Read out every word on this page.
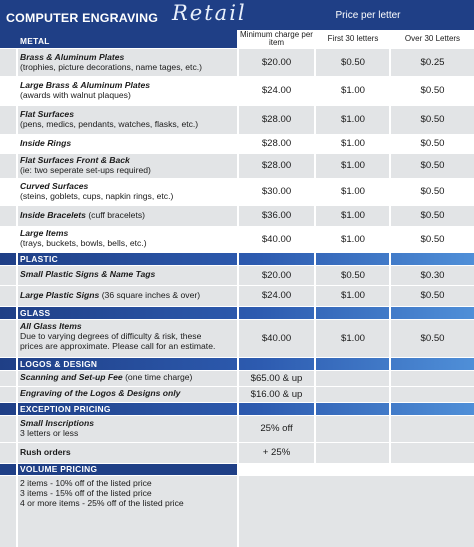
COMPUTER ENGRAVING Retail	Price per letter
Minimum charge per item	First 30 letters	Over 30 Letters
METAL
Brass & Aluminum Plates
(trophies, picture decorations, name tages, etc.)	$20.00	$0.50	$0.25
Large Brass & Aluminum Plates
(awards with walnut plaques)	$24.00	$1.00	$0.50
Flat Surfaces
(pens, medics, pendants, watches, flasks, etc.)	$28.00	$1.00	$0.50
Inside Rings	$28.00	$1.00	$0.50
Flat Surfaces Front & Back
(ie: two seperate set-ups required)	$28.00	$1.00	$0.50
Curved Surfaces
(steins, goblets, cups, napkin rings, etc.)	$30.00	$1.00	$0.50
Inside Bracelets (cuff bracelets)	$36.00	$1.00	$0.50
Large Items
(trays, buckets, bowls, bells, etc.)	$40.00	$1.00	$0.50
PLASTIC
Small Plastic Signs & Name Tags	$20.00	$0.50	$0.30
Large Plastic Signs (36 square inches & over)	$24.00	$1.00	$0.50
GLASS
All Glass Items
Due to varying degrees of difficulty & risk, these
prices are approximate. Please call for an estimate.
$40.00	$1.00	$0.50
LOGOS & DESIGN
Scanning and Set-up Fee (one time charge)	$65.00 & up
Engraving of the Logos & Designs only	$16.00 & up
EXCEPTION PRICING
Small Inscriptions
3 letters or less	25% off
Rush orders	+ 25%
VOLUME PRICING
2 items - 10% off of the listed price
3 items - 15% off of the listed price
4 or more items - 25% off of the listed price
